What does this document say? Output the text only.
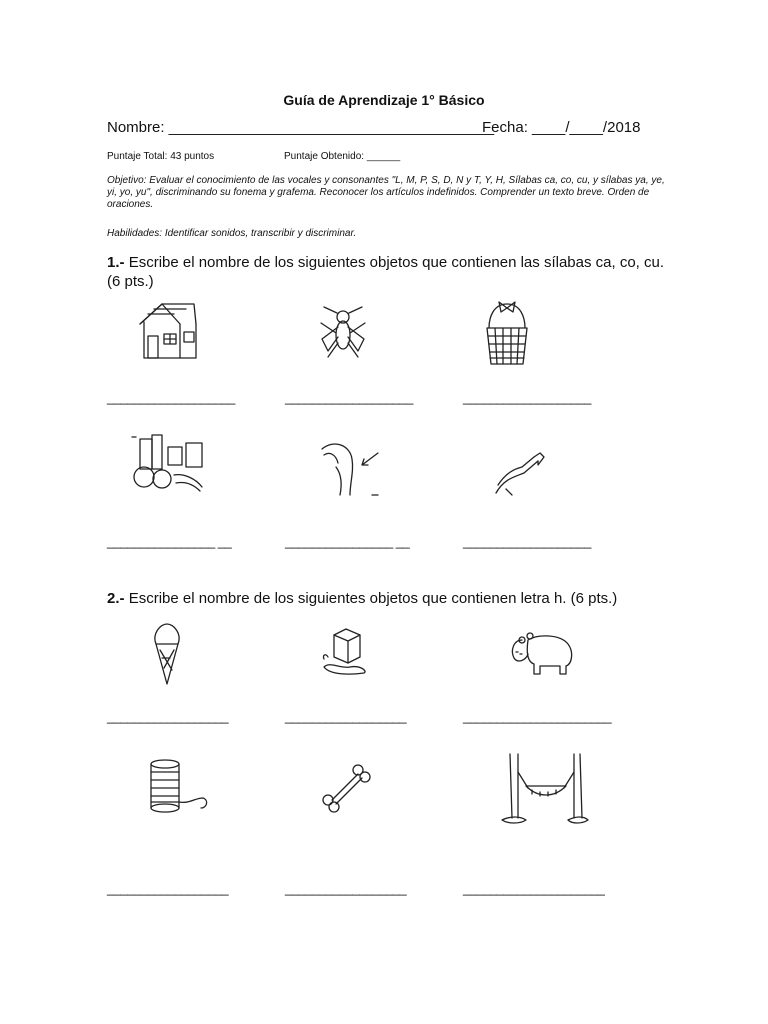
Guía de Aprendizaje 1° Básico
Nombre: _______________________________________
Fecha: ____/____/2018
Puntaje Total: 43 puntos	Puntaje Obtenido: ______
Objetivo: Evaluar el conocimiento de las vocales y consonantes "L, M, P, S, D, N y T, Y, H, Sílabas ca, co, cu, y sílabas ya, ye, yi, yo, yu", discriminando su fonema y grafema. Reconocer los artículos indefinidos. Comprender un texto breve. Orden de oraciones.
Habilidades: Identificar sonidos, transcribir y discriminar.
1.- Escribe el nombre de los siguientes objetos que contienen las sílabas ca, co, cu. (6 pts.)
___________________	___________________	___________________
________________ __	________________ __	___________________
2.- Escribe el nombre de los siguientes objetos que contienen letra h. (6 pts.)
__________________	__________________	______________________
__________________	__________________	_____________________
